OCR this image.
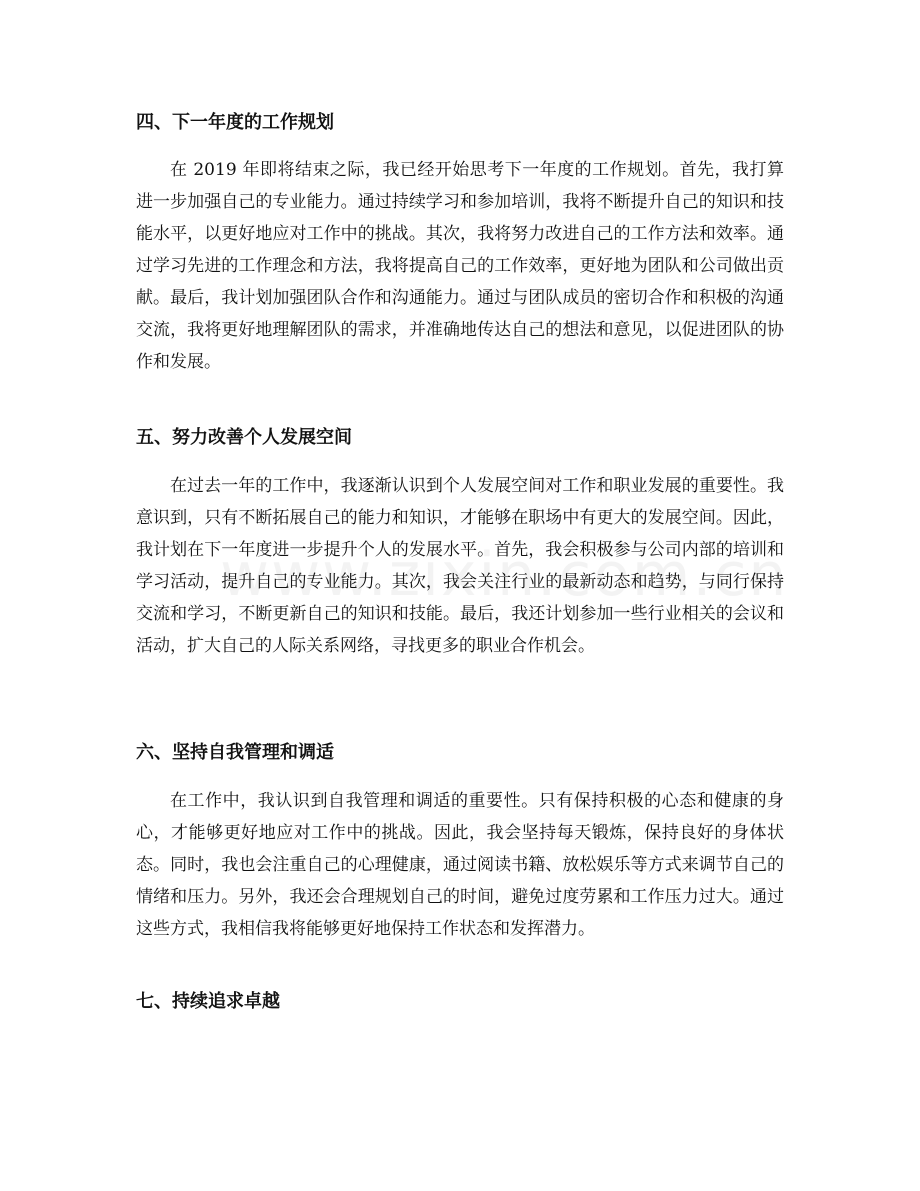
四、下一年度的工作规划

在 2019 年即将结束之际，我已经开始思考下一年度的工作规划。首先，我打算进一步加强自己的专业能力。通过持续学习和参加培训，我将不断提升自己的知识和技能水平，以更好地应对工作中的挑战。其次，我将努力改进自己的工作方法和效率。通过学习先进的工作理念和方法，我将提高自己的工作效率，更好地为团队和公司做出贡献。最后，我计划加强团队合作和沟通能力。通过与团队成员的密切合作和积极的沟通交流，我将更好地理解团队的需求，并准确地传达自己的想法和意见，以促进团队的协作和发展。

五、努力改善个人发展空间

在过去一年的工作中，我逐渐认识到个人发展空间对工作和职业发展的重要性。我意识到，只有不断拓展自己的能力和知识，才能够在职场中有更大的发展空间。因此，我计划在下一年度进一步提升个人的发展水平。首先，我会积极参与公司内部的培训和学习活动，提升自己的专业能力。其次，我会关注行业的最新动态和趋势，与同行保持交流和学习，不断更新自己的知识和技能。最后，我还计划参加一些行业相关的会议和活动，扩大自己的人际关系网络，寻找更多的职业合作机会。

六、坚持自我管理和调适

在工作中，我认识到自我管理和调适的重要性。只有保持积极的心态和健康的身心，才能够更好地应对工作中的挑战。因此，我会坚持每天锻炼，保持良好的身体状态。同时，我也会注重自己的心理健康，通过阅读书籍、放松娱乐等方式来调节自己的情绪和压力。另外，我还会合理规划自己的时间，避免过度劳累和工作压力过大。通过这些方式，我相信我将能够更好地保持工作状态和发挥潜力。

七、持续追求卓越
